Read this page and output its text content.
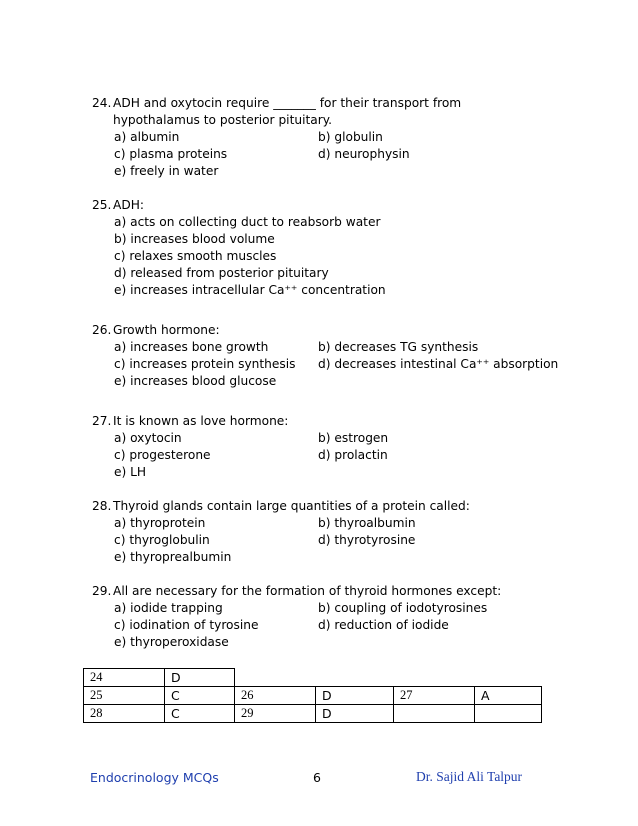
24. ADH and oxytocin require _______ for their transport from
hypothalamus to posterior pituitary.
a) albumin	b) globulin
c) plasma proteins	d) neurophysin
e) freely in water
25. ADH:
a) acts on collecting duct to reabsorb water
b) increases blood volume
c) relaxes smooth muscles
d) released from posterior pituitary
e) increases intracellular Ca⁺⁺ concentration
26. Growth hormone:
a) increases bone growth	b) decreases TG synthesis
c) increases protein synthesis d) decreases intestinal Ca⁺⁺ absorption
e) increases blood glucose
27. It is known as love hormone:
a) oxytocin	b) estrogen
c) progesterone	d) prolactin
e) LH
28. Thyroid glands contain large quantities of a protein called:
a) thyroprotein	b) thyroalbumin
c) thyroglobulin	d) thyrotyrosine
e) thyroprealbumin
29. All are necessary for the formation of thyroid hormones except:
a) iodide trapping	b) coupling of iodotyrosines
c) iodination of tyrosine	d) reduction of iodide
e) thyroperoxidase
24	D				
25	C	26	D	27	A
28	C	29	D		
Endocrinology MCQs	6	Dr. Sajid Ali Talpur
